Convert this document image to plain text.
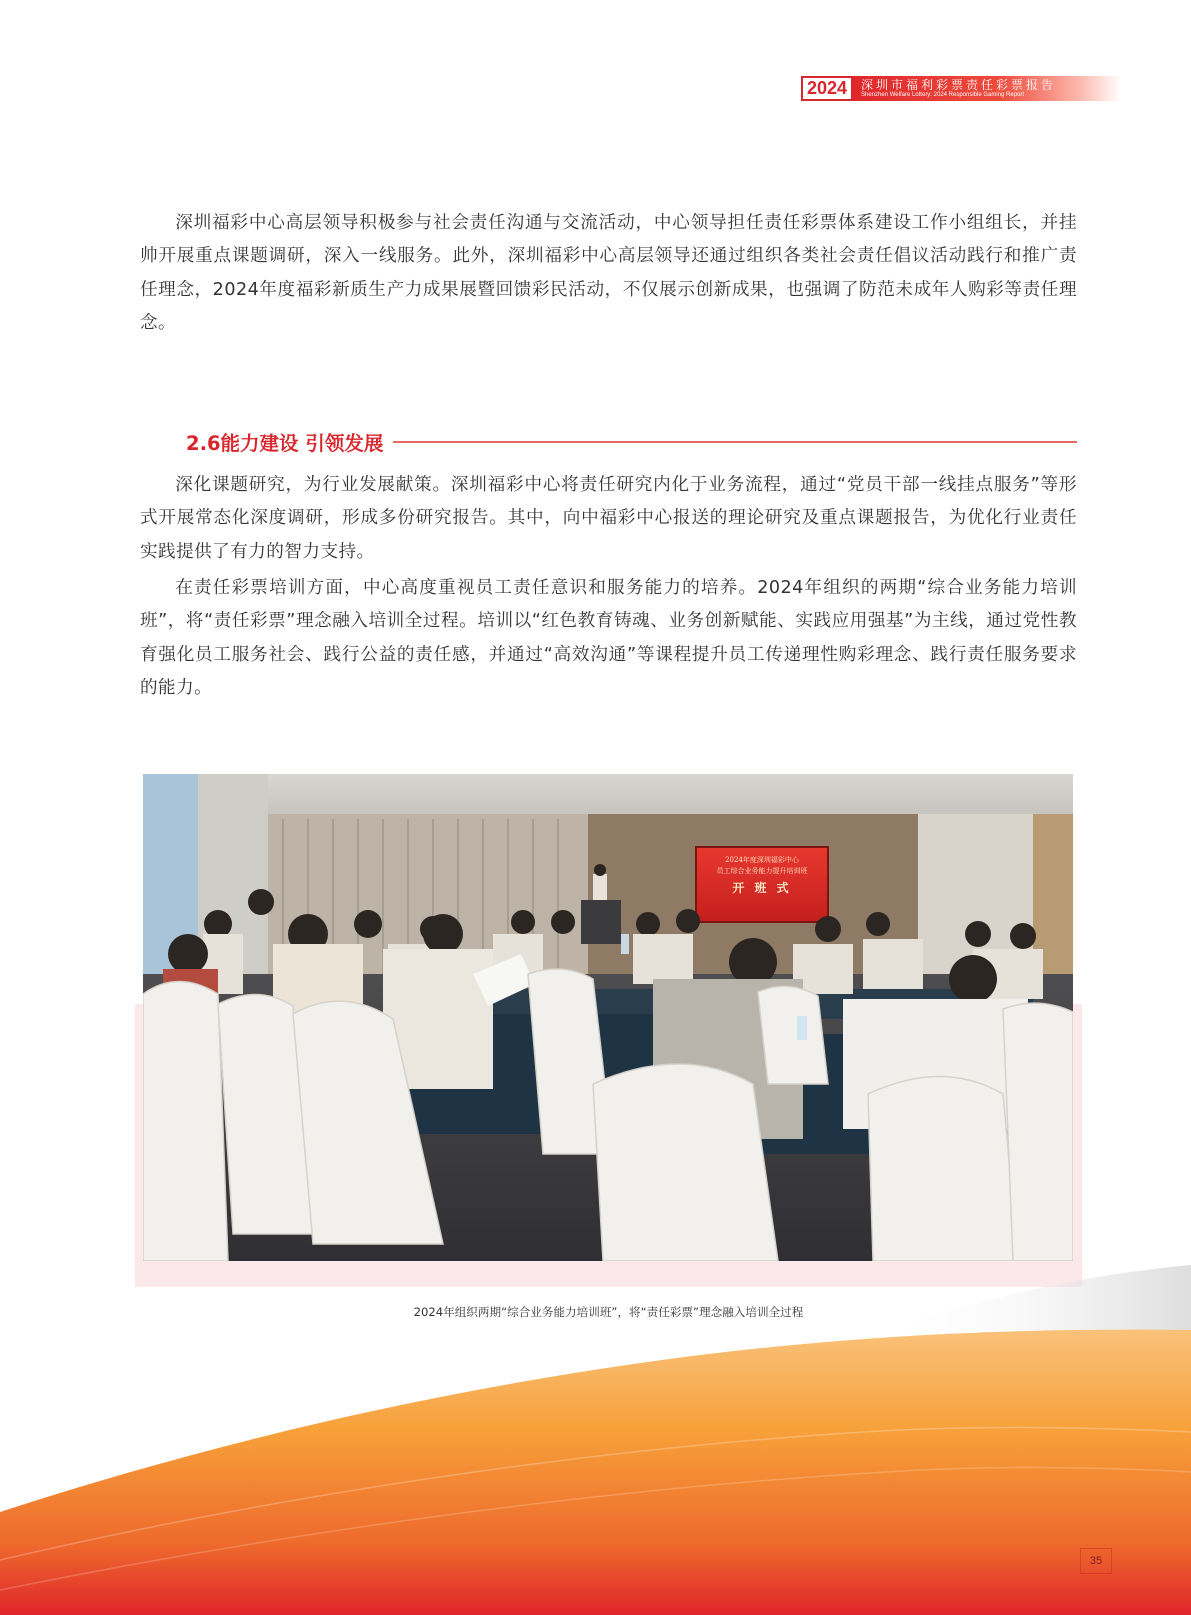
2024	深圳市福利彩票责任彩票报告
Shenzhen Welfare Lottery: 2024 Responsible Gaming Report

深圳福彩中心高层领导积极参与社会责任沟通与交流活动，中心领导担任责任彩票体系建设工作小组组长，并挂帅开展重点课题调研，深入一线服务。此外，深圳福彩中心高层领导还通过组织各类社会责任倡议活动践行和推广责任理念，2024年度福彩新质生产力成果展暨回馈彩民活动，不仅展示创新成果，也强调了防范未成年人购彩等责任理念。

2.6能力建设 引领发展

深化课题研究，为行业发展献策。深圳福彩中心将责任研究内化于业务流程，通过“党员干部一线挂点服务”等形式开展常态化深度调研，形成多份研究报告。其中，向中福彩中心报送的理论研究及重点课题报告，为优化行业责任实践提供了有力的智力支持。

在责任彩票培训方面，中心高度重视员工责任意识和服务能力的培养。2024年组织的两期“综合业务能力培训班”，将“责任彩票”理念融入培训全过程。培训以“红色教育铸魂、业务创新赋能、实践应用强基”为主线，通过党性教育强化员工服务社会、践行公益的责任感，并通过“高效沟通”等课程提升员工传递理性购彩理念、践行责任服务要求的能力。

2024年度深圳福彩中心
员工综合业务能力提升培训班
开 班 式

2024年组织两期“综合业务能力培训班”，将“责任彩票”理念融入培训全过程

35
